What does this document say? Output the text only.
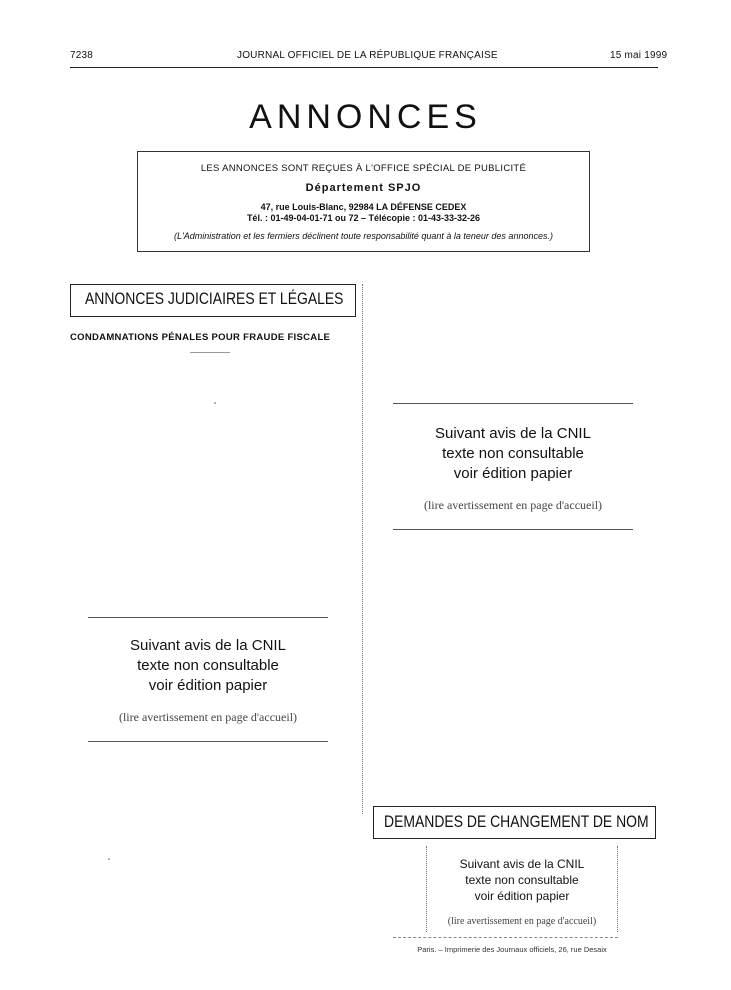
7238	JOURNAL OFFICIEL DE LA RÉPUBLIQUE FRANÇAISE	15 mai 1999
ANNONCES
LES ANNONCES SONT REÇUES À L'OFFICE SPÉCIAL DE PUBLICITÉ
Département SPJO
47, rue Louis-Blanc, 92984 LA DÉFENSE CEDEX
Tél. : 01-49-04-01-71 ou 72 – Télécopie : 01-43-33-32-26
(L'Administration et les fermiers déclinent toute responsabilité quant à la teneur des annonces.)
ANNONCES JUDICIAIRES ET LÉGALES
CONDAMNATIONS PÉNALES POUR FRAUDE FISCALE
Suivant avis de la CNIL
texte non consultable
voir édition papier
(lire avertissement en page d'accueil)
Suivant avis de la CNIL
texte non consultable
voir édition papier
(lire avertissement en page d'accueil)
DEMANDES DE CHANGEMENT DE NOM
Suivant avis de la CNIL
texte non consultable
voir édition papier
(lire avertissement en page d'accueil)
Paris. – Imprimerie des Journaux officiels, 26, rue Desaix
